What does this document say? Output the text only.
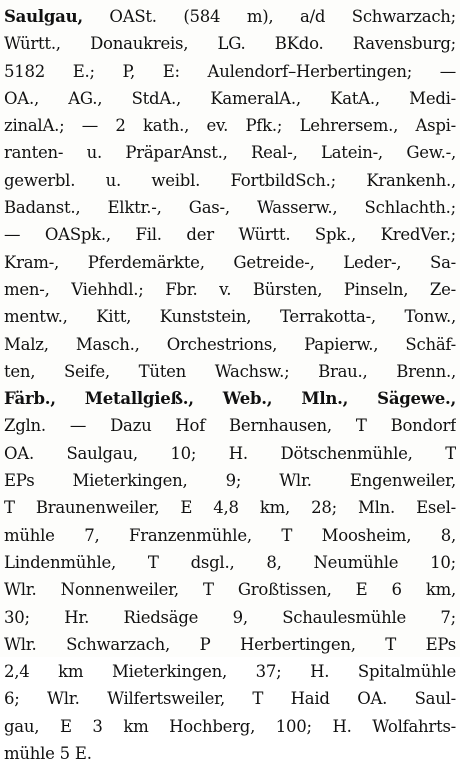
Saulgau, OASt. (584 m), a/d Schwarzach;
Württ., Donaukreis, LG. BKdo. Ravensburg;
5182 E.; P, E: Aulendorf–Herbertingen; —
OA., AG., StdA., KameralA., KatA., Medi-
zinalA.; — 2 kath., ev. Pfk.; Lehrersem., Aspi-
ranten- u. PräparAnst., Real-, Latein-, Gew.-,
gewerbl. u. weibl. FortbildSch.; Krankenh.,
Badanst., Elktr.-, Gas-, Wasserw., Schlachth.;
— OASpk., Fil. der Württ. Spk., KredVer.;
Kram-, Pferdemärkte, Getreide-, Leder-, Sa-
men-, Viehhdl.; Fbr. v. Bürsten, Pinseln, Ze-
mentw., Kitt, Kunststein, Terrakotta-, Tonw.,
Malz, Masch., Orchestrions, Papierw., Schäf-
ten, Seife, Tüten Wachsw.; Brau., Brenn.,
Färb., Metallgieß., Web., Mln., Sägewe.,
Zgln. — Dazu Hof Bernhausen, T Bondorf
OA. Saulgau, 10; H. Dötschenmühle, T
EPs Mieterkingen, 9; Wlr. Engenweiler,
T Braunenweiler, E 4,8 km, 28; Mln. Esel-
mühle 7, Franzenmühle, T Moosheim, 8,
Lindenmühle, T dsgl., 8, Neumühle 10;
Wlr. Nonnenweiler, T Großtissen, E 6 km,
30; Hr. Riedsäge 9, Schaulesmühle 7;
Wlr. Schwarzach, P Herbertingen, T EPs
2,4 km Mieterkingen, 37; H. Spitalmühle
6; Wlr. Wilfertsweiler, T Haid OA. Saul-
gau, E 3 km Hochberg, 100; H. Wolfahrts-
mühle 5 E.
